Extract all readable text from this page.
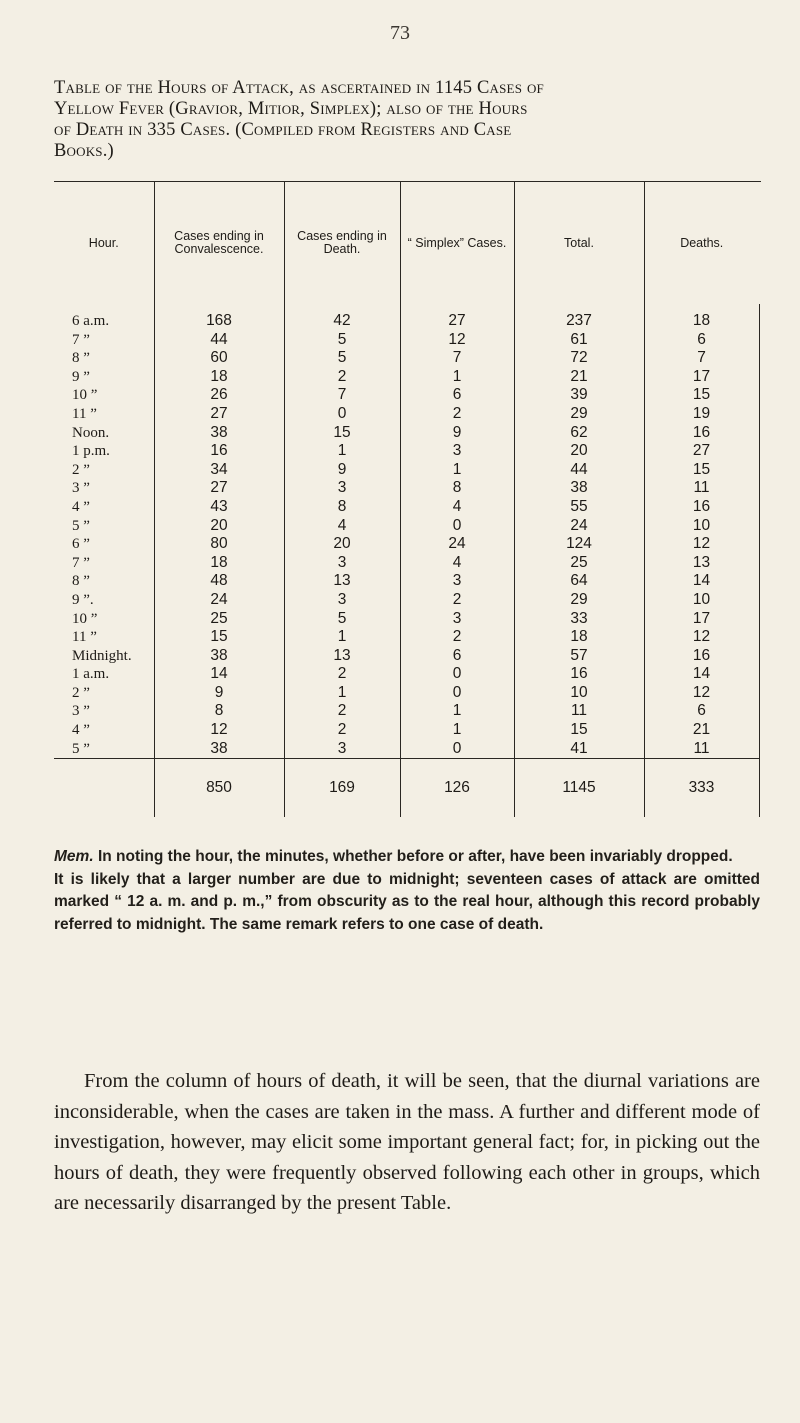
73
Table of the Hours of Attack, as ascertained in 1145 Cases of
Yellow Fever (Gravior, Mitior, Simplex); also of the Hours
of Death in 335 Cases. (Compiled from Registers and Case
Books.)
Hour.	Cases ending in Convalescence.	Cases ending in Death.	“ Simplex” Cases.	Total.	Deaths.
6 a.m.	168	42	27	237	18
7 ”	44	5	12	61	6
8 ”	60	5	7	72	7
9 ”	18	2	1	21	17
10 ”	26	7	6	39	15
11 ”	27	0	2	29	19
Noon.	38	15	9	62	16
1 p.m.	16	1	3	20	27
2 ”	34	9	1	44	15
3 ”	27	3	8	38	11
4 ”	43	8	4	55	16
5 ”	20	4	0	24	10
6 ”	80	20	24	124	12
7 ”	18	3	4	25	13
8 ”	48	13	3	64	14
9 ”.	24	3	2	29	10
10 ”	25	5	3	33	17
11 ”	15	1	2	18	12
Midnight.	38	13	6	57	16
1 a.m.	14	2	0	16	14
2 ”	9	1	0	10	12
3 ”	8	2	1	11	6
4 ”	12	2	1	15	21
5 ”	38	3	0	41	11
	850	169	126	1145	333

Mem. In noting the hour, the minutes, whether before or after, have been invariably dropped.

It is likely that a larger number are due to midnight; seventeen cases of attack are omitted marked “ 12 a. m. and p. m.,” from obscurity as to the real hour, although this record probably referred to midnight. The same remark refers to one case of death.

From the column of hours of death, it will be seen, that the diurnal variations are inconsiderable, when the cases are taken in the mass. A further and different mode of investigation, however, may elicit some important general fact; for, in picking out the hours of death, they were frequently observed following each other in groups, which are necessarily disarranged by the present Table.
